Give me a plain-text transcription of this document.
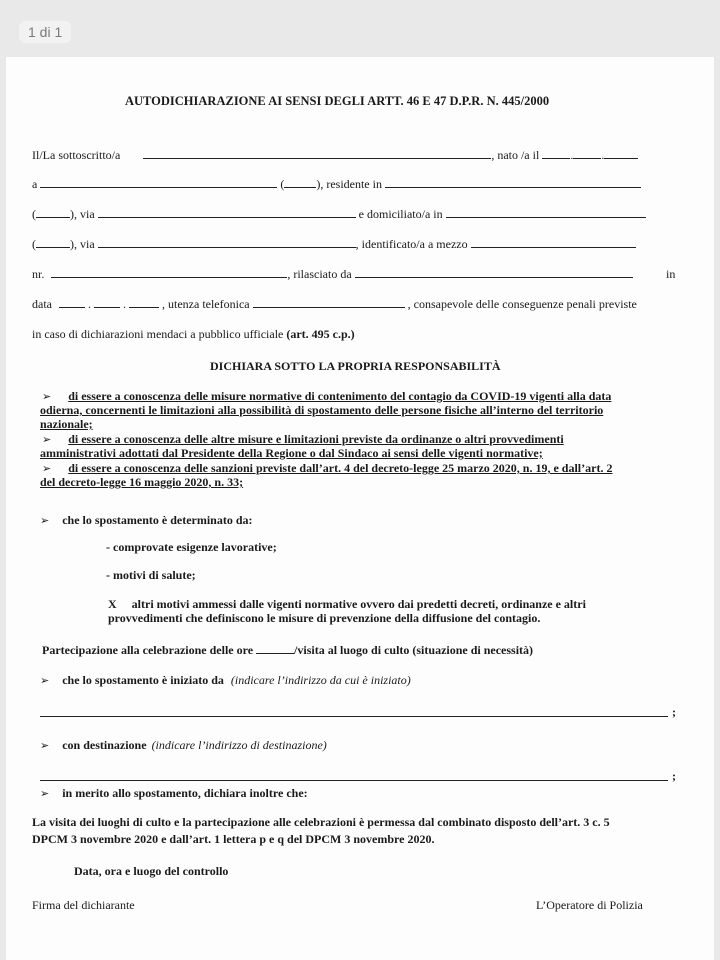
1 di 1
AUTODICHIARAZIONE AI SENSI DEGLI ARTT. 46 E 47 D.P.R. N. 445/2000
Il/La sottoscritto/a	, nato /a il	. .
a	(	), residente in
(	), via	e domiciliato/a in
(	), via	, identificato/a a mezzo
nr.	, rilasciato da	in
data	.	.	, utenza telefonica	, consapevole delle conseguenze penali previste
in caso di dichiarazioni mendaci a pubblico ufficiale (art. 495 c.p.)
DICHIARA SOTTO LA PROPRIA RESPONSABILITÀ
➢ di essere a conoscenza delle misure normative di contenimento del contagio da COVID-19 vigenti alla data
odierna, concernenti le limitazioni alla possibilità di spostamento delle persone fisiche all’interno del territorio
nazionale;
➢ di essere a conoscenza delle altre misure e limitazioni previste da ordinanze o altri provvedimenti
amministrativi adottati dal Presidente della Regione o dal Sindaco ai sensi delle vigenti normative;
➢ di essere a conoscenza delle sanzioni previste dall’art. 4 del decreto-legge 25 marzo 2020, n. 19, e dall’art. 2
del decreto-legge 16 maggio 2020, n. 33;
➢ che lo spostamento è determinato da:
- comprovate esigenze lavorative;
- motivi di salute;
X altri motivi ammessi dalle vigenti normative ovvero dai predetti decreti, ordinanze e altri
provvedimenti che definiscono le misure di prevenzione della diffusione del contagio.
Partecipazione alla celebrazione delle ore	/visita al luogo di culto (situazione di necessità)
➢ che lo spostamento è iniziato da (indicare l’indirizzo da cui è iniziato)
;
➢ con destinazione (indicare l’indirizzo di destinazione)
;
➢ in merito allo spostamento, dichiara inoltre che:
La visita dei luoghi di culto e la partecipazione alle celebrazioni è permessa dal combinato disposto dell’art. 3 c. 5
DPCM 3 novembre 2020 e dall’art. 1 lettera p e q del DPCM 3 novembre 2020.
Data, ora e luogo del controllo
Firma del dichiarante	L’Operatore di Polizia
